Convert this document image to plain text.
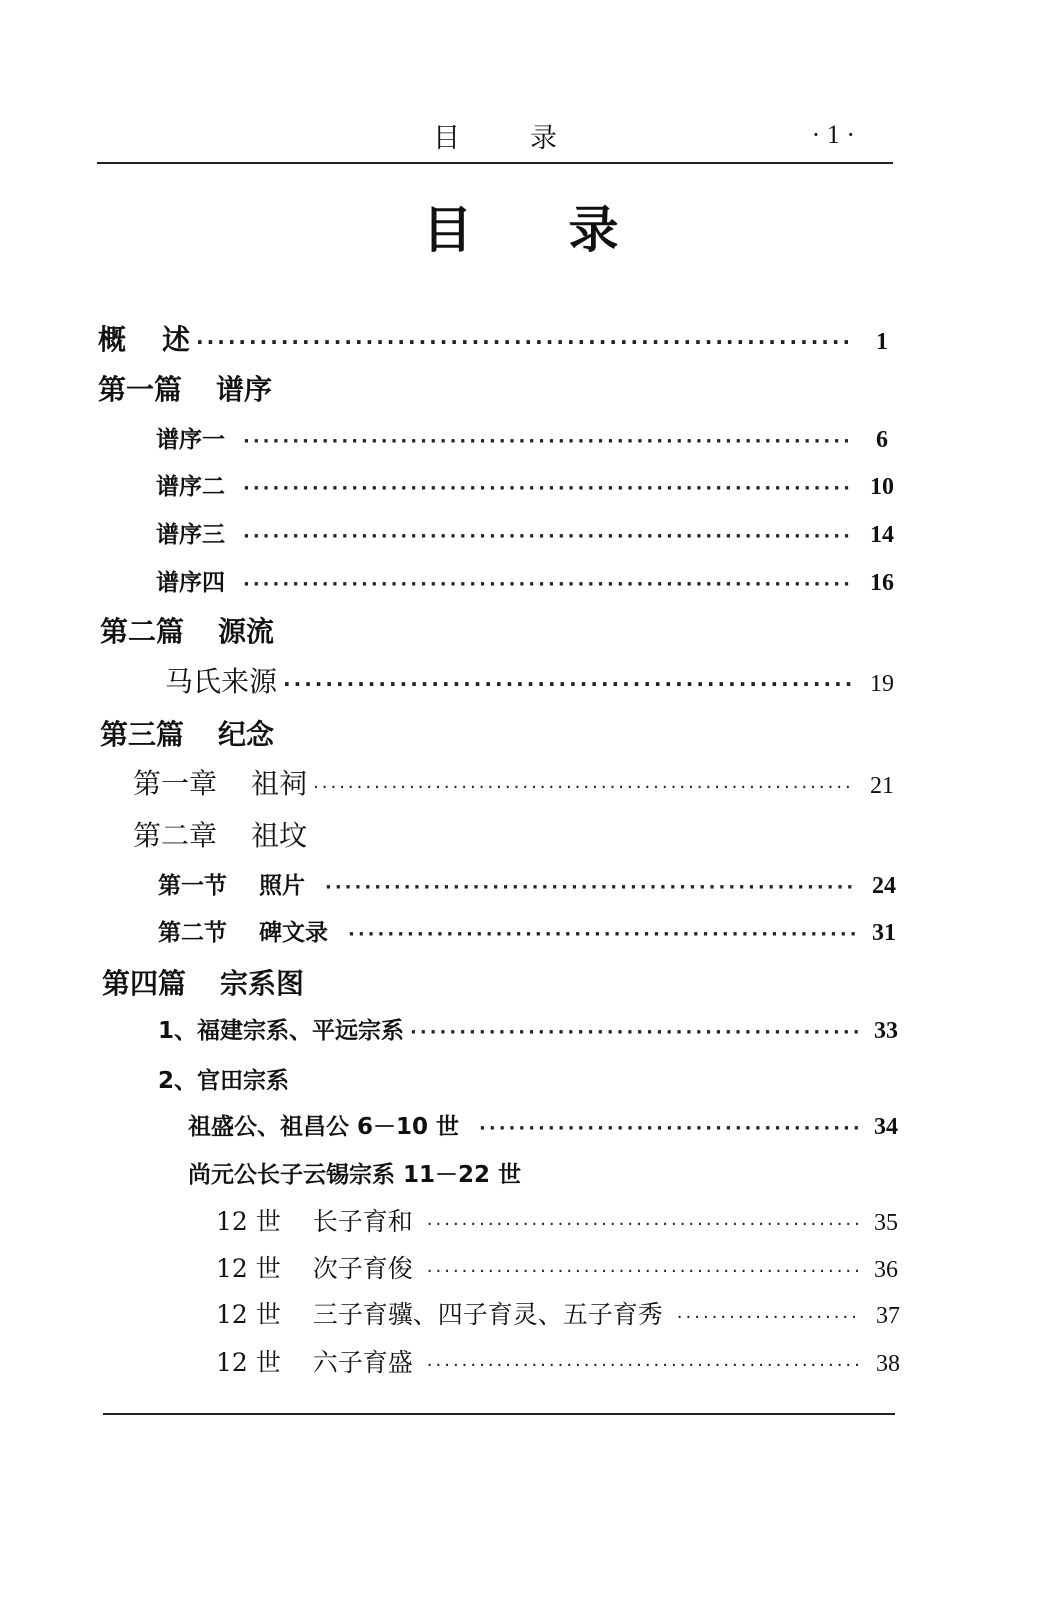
目录	· 1 ·
目录
概 述 ·····	1
第一篇 谱序
谱序一 ·····	6
谱序二 ·····	10
谱序三 ·····	14
谱序四 ·····	16
第二篇 源流
马氏来源 ·····	19
第三篇 纪念
第一章 祖祠 ·····	21
第二章 祖坟
第一节 照片 ·····	24
第二节 碑文录 ·····	31
第四篇 宗系图
1、福建宗系、平远宗系 ·····	33
2、官田宗系
祖盛公、祖昌公 6－10 世 ·····	34
尚元公长子云锡宗系 11－22 世
12 世 长子育和 ·····	35
12 世 次子育俊 ·····	36
12 世 三子育骥、四子育灵、五子育秀 ·····	37
12 世 六子育盛 ·····	38
